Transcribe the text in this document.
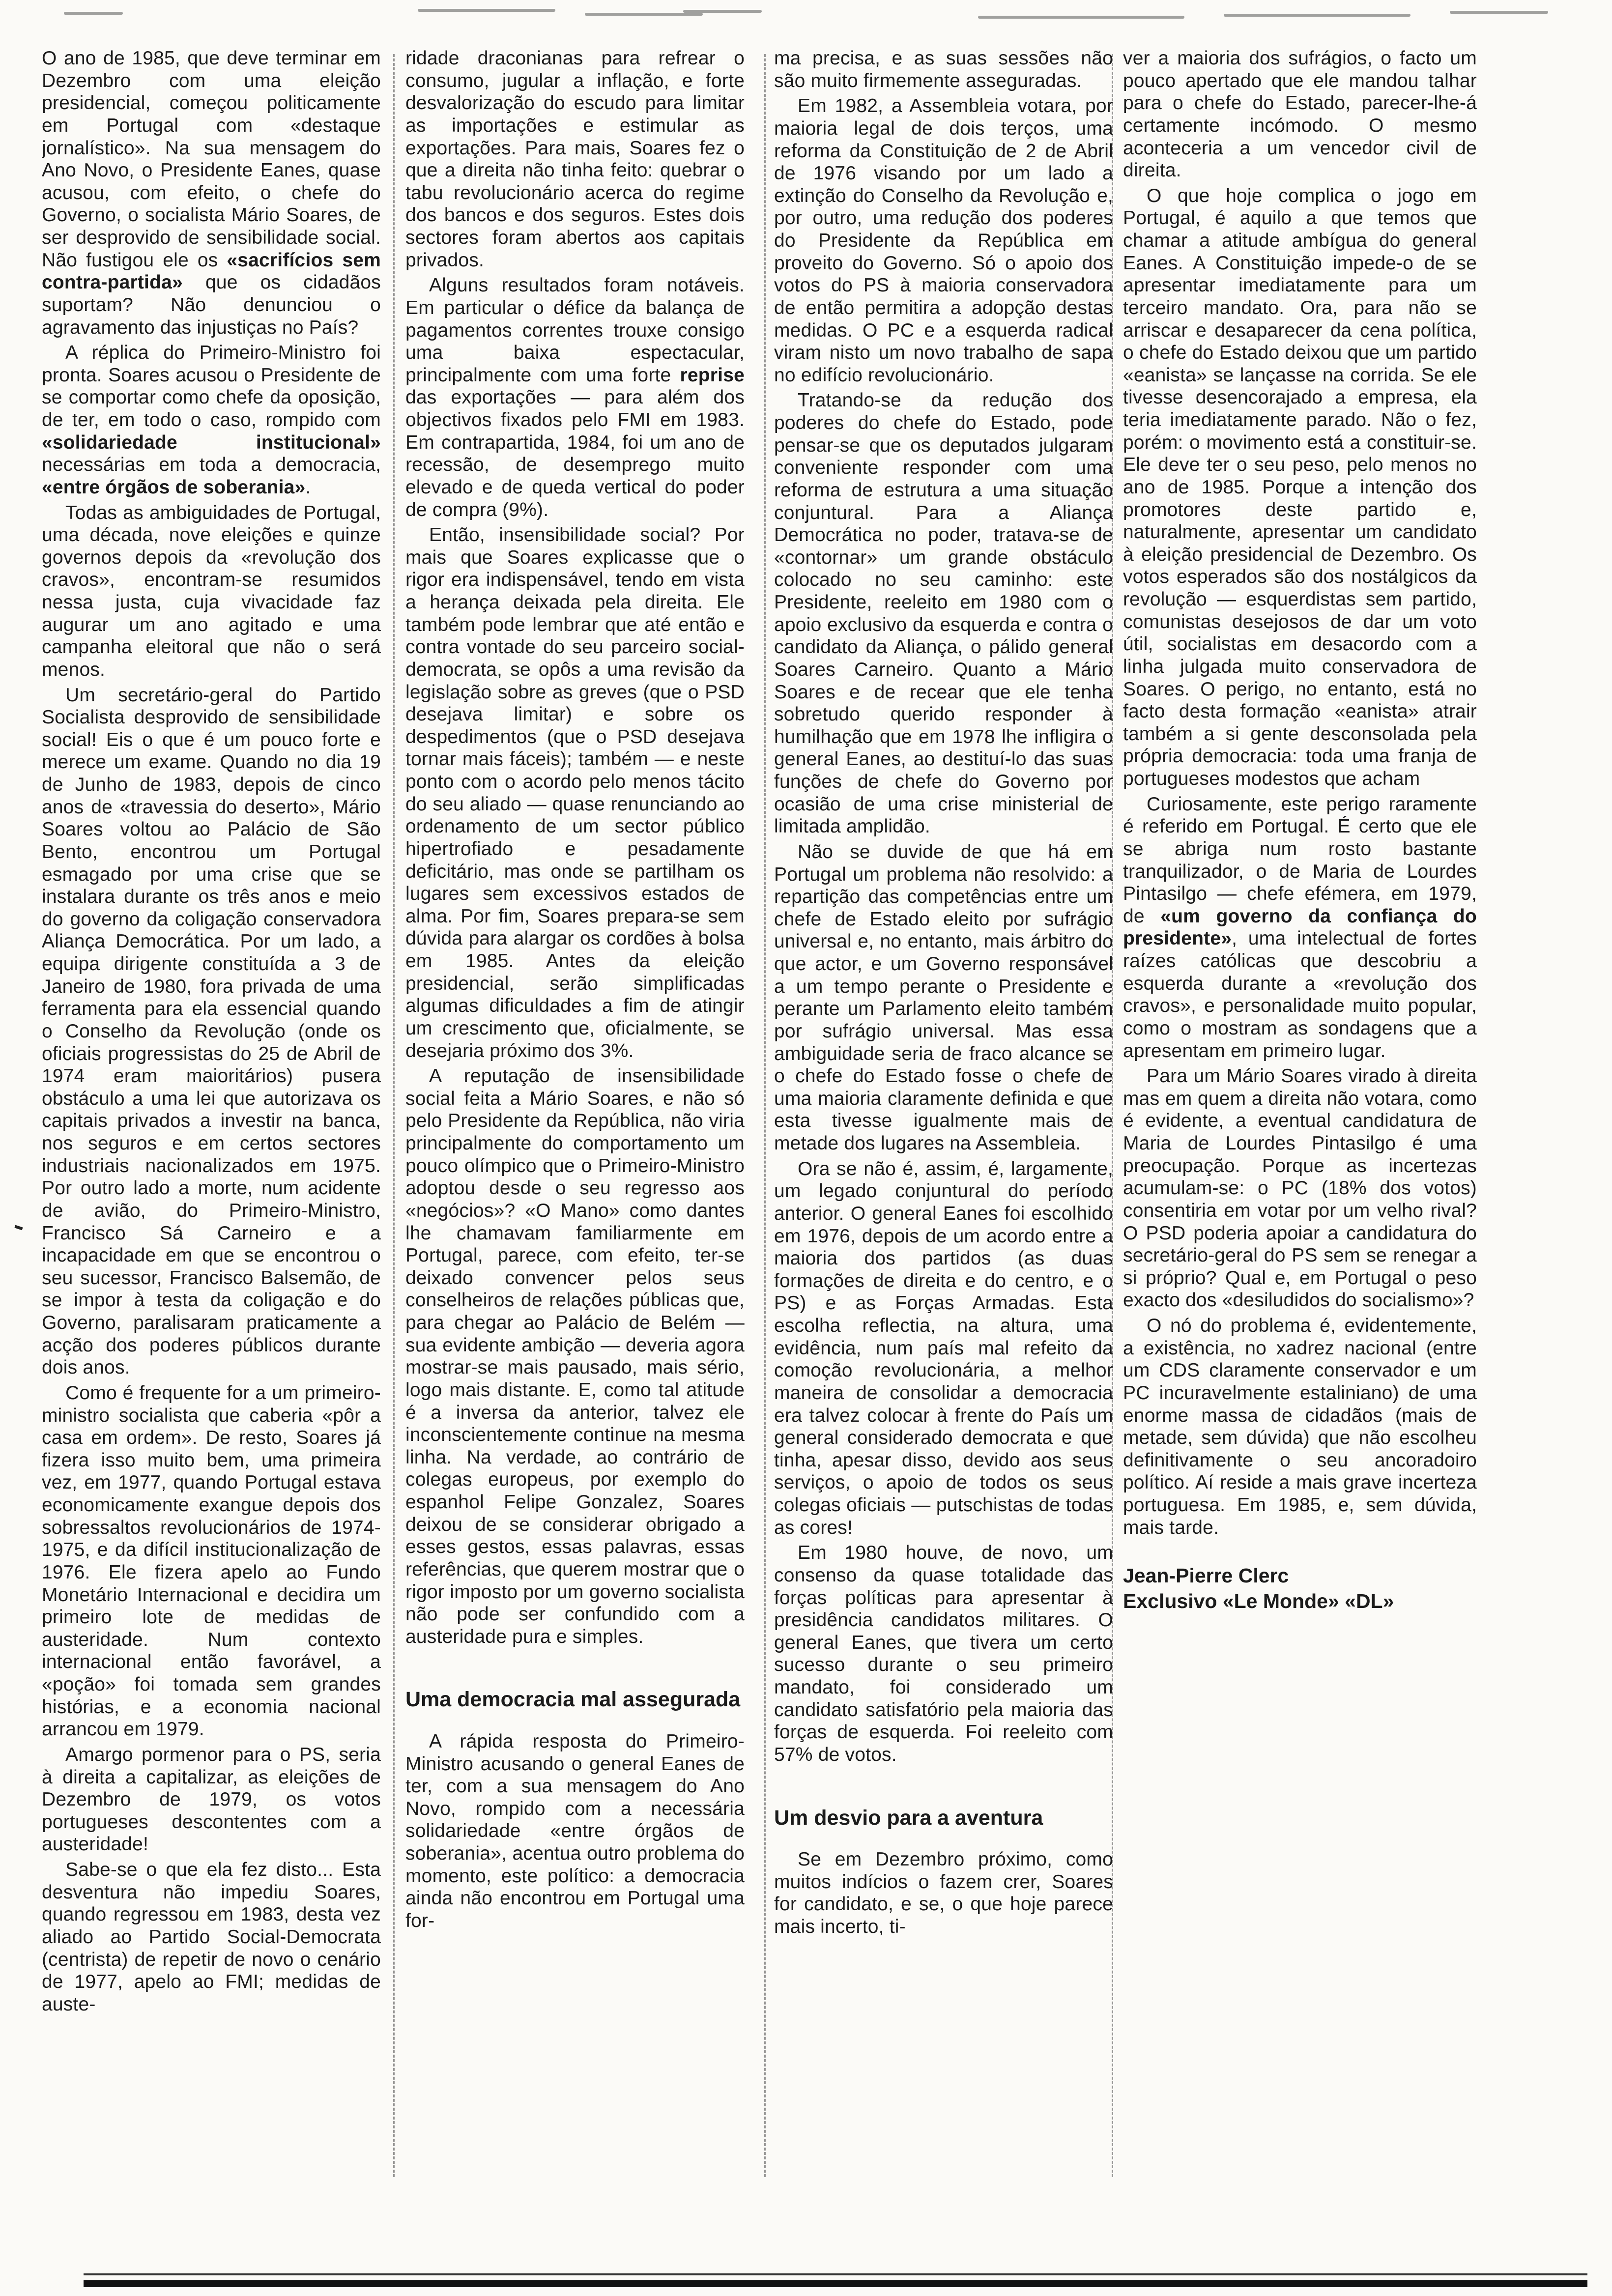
O ano de 1985, que deve terminar em Dezembro com uma eleição presidencial, começou politicamente em Portugal com «destaque jornalístico». Na sua mensagem do Ano Novo, o Presidente Eanes, quase acusou, com efeito, o chefe do Governo, o socialista Mário Soares, de ser desprovido de sensibilidade social. Não fustigou ele os «sacrifícios sem contra-partida» que os cidadãos suportam? Não denunciou o agravamento das injustiças no País?

A réplica do Primeiro-Ministro foi pronta. Soares acusou o Presidente de se comportar como chefe da oposição, de ter, em todo o caso, rompido com «solidariedade institucional» necessárias em toda a democracia, «entre órgãos de soberania».

Todas as ambiguidades de Portugal, uma década, nove eleições e quinze governos depois da «revolução dos cravos», encontram-se resumidos nessa justa, cuja vivacidade faz augurar um ano agitado e uma campanha eleitoral que não o será menos.

Um secretário-geral do Partido Socialista desprovido de sensibilidade social! Eis o que é um pouco forte e merece um exame. Quando no dia 19 de Junho de 1983, depois de cinco anos de «travessia do deserto», Mário Soares voltou ao Palácio de São Bento, encontrou um Portugal esmagado por uma crise que se instalara durante os três anos e meio do governo da coligação conservadora Aliança Democrática. Por um lado, a equipa dirigente constituída a 3 de Janeiro de 1980, fora privada de uma ferramenta para ela essencial quando o Conselho da Revolução (onde os oficiais progressistas do 25 de Abril de 1974 eram maioritários) pusera obstáculo a uma lei que autorizava os capitais privados a investir na banca, nos seguros e em certos sectores industriais nacionalizados em 1975. Por outro lado a morte, num acidente de avião, do Primeiro-Ministro, Francisco Sá Carneiro e a incapacidade em que se encontrou o seu sucessor, Francisco Balsemão, de se impor à testa da coligação e do Governo, paralisaram praticamente a acção dos poderes públicos durante dois anos.

Como é frequente for a um primeiro-ministro socialista que caberia «pôr a casa em ordem». De resto, Soares já fizera isso muito bem, uma primeira vez, em 1977, quando Portugal estava economicamente exangue depois dos sobressaltos revolucionários de 1974-1975, e da difícil institucionalização de 1976. Ele fizera apelo ao Fundo Monetário Internacional e decidira um primeiro lote de medidas de austeridade. Num contexto internacional então favorável, a «poção» foi tomada sem grandes histórias, e a economia nacional arrancou em 1979.

Amargo pormenor para o PS, seria à direita a capitalizar, as eleições de Dezembro de 1979, os votos portugueses descontentes com a austeridade!

Sabe-se o que ela fez disto... Esta desventura não impediu Soares, quando regressou em 1983, desta vez aliado ao Partido Social-Democrata (centrista) de repetir de novo o cenário de 1977, apelo ao FMI; medidas de auste-

ridade draconianas para refrear o consumo, jugular a inflação, e forte desvalorização do escudo para limitar as importações e estimular as exportações. Para mais, Soares fez o que a direita não tinha feito: quebrar o tabu revolucionário acerca do regime dos bancos e dos seguros. Estes dois sectores foram abertos aos capitais privados.

Alguns resultados foram notáveis. Em particular o défice da balança de pagamentos correntes trouxe consigo uma baixa espectacular, principalmente com uma forte reprise das exportações — para além dos objectivos fixados pelo FMI em 1983. Em contrapartida, 1984, foi um ano de recessão, de desemprego muito elevado e de queda vertical do poder de compra (9%).

Então, insensibilidade social? Por mais que Soares explicasse que o rigor era indispensável, tendo em vista a herança deixada pela direita. Ele também pode lembrar que até então e contra vontade do seu parceiro social-democrata, se opôs a uma revisão da legislação sobre as greves (que o PSD desejava limitar) e sobre os despedimentos (que o PSD desejava tornar mais fáceis); também — e neste ponto com o acordo pelo menos tácito do seu aliado — quase renunciando ao ordenamento de um sector público hipertrofiado e pesadamente deficitário, mas onde se partilham os lugares sem excessivos estados de alma. Por fim, Soares prepara-se sem dúvida para alargar os cordões à bolsa em 1985. Antes da eleição presidencial, serão simplificadas algumas dificuldades a fim de atingir um crescimento que, oficialmente, se desejaria próximo dos 3%.

A reputação de insensibilidade social feita a Mário Soares, e não só pelo Presidente da República, não viria principalmente do comportamento um pouco olímpico que o Primeiro-Ministro adoptou desde o seu regresso aos «negócios»? «O Mano» como dantes lhe chamavam familiarmente em Portugal, parece, com efeito, ter-se deixado convencer pelos seus conselheiros de relações públicas que, para chegar ao Palácio de Belém — sua evidente ambição — deveria agora mostrar-se mais pausado, mais sério, logo mais distante. E, como tal atitude é a inversa da anterior, talvez ele inconscientemente continue na mesma linha. Na verdade, ao contrário de colegas europeus, por exemplo do espanhol Felipe Gonzalez, Soares deixou de se considerar obrigado a esses gestos, essas palavras, essas referências, que querem mostrar que o rigor imposto por um governo socialista não pode ser confundido com a austeridade pura e simples.

Uma democracia mal assegurada

A rápida resposta do Primeiro-Ministro acusando o general Eanes de ter, com a sua mensagem do Ano Novo, rompido com a necessária solidariedade «entre órgãos de soberania», acentua outro problema do momento, este político: a democracia ainda não encontrou em Portugal uma for-

ma precisa, e as suas sessões não são muito firmemente asseguradas.

Em 1982, a Assembleia votara, por maioria legal de dois terços, uma reforma da Constituição de 2 de Abril de 1976 visando por um lado a extinção do Conselho da Revolução e, por outro, uma redução dos poderes do Presidente da República em proveito do Governo. Só o apoio dos votos do PS à maioria conservadora de então permitira a adopção destas medidas. O PC e a esquerda radical viram nisto um novo trabalho de sapa no edifício revolucionário.

Tratando-se da redução dos poderes do chefe do Estado, pode pensar-se que os deputados julgaram conveniente responder com uma reforma de estrutura a uma situação conjuntural. Para a Aliança Democrática no poder, tratava-se de «contornar» um grande obstáculo colocado no seu caminho: este Presidente, reeleito em 1980 com o apoio exclusivo da esquerda e contra o candidato da Aliança, o pálido general Soares Carneiro. Quanto a Mário Soares e de recear que ele tenha sobretudo querido responder à humilhação que em 1978 lhe infligira o general Eanes, ao destituí-lo das suas funções de chefe do Governo por ocasião de uma crise ministerial de limitada amplidão.

Não se duvide de que há em Portugal um problema não resolvido: a repartição das competências entre um chefe de Estado eleito por sufrágio universal e, no entanto, mais árbitro do que actor, e um Governo responsável a um tempo perante o Presidente e perante um Parlamento eleito também por sufrágio universal. Mas essa ambiguidade seria de fraco alcance se o chefe do Estado fosse o chefe de uma maioria claramente definida e que esta tivesse igualmente mais de metade dos lugares na Assembleia.

Ora se não é, assim, é, largamente, um legado conjuntural do período anterior. O general Eanes foi escolhido em 1976, depois de um acordo entre a maioria dos partidos (as duas formações de direita e do centro, e o PS) e as Forças Armadas. Esta escolha reflectia, na altura, uma evidência, num país mal refeito da comoção revolucionária, a melhor maneira de consolidar a democracia era talvez colocar à frente do País um general considerado democrata e que tinha, apesar disso, devido aos seus serviços, o apoio de todos os seus colegas oficiais — putschistas de todas as cores!

Em 1980 houve, de novo, um consenso da quase totalidade das forças políticas para apresentar à presidência candidatos militares. O general Eanes, que tivera um certo sucesso durante o seu primeiro mandato, foi considerado um candidato satisfatório pela maioria das forças de esquerda. Foi reeleito com 57% de votos.

Um desvio para a aventura

Se em Dezembro próximo, como muitos indícios o fazem crer, Soares for candidato, e se, o que hoje parece mais incerto, ti-

ver a maioria dos sufrágios, o facto um pouco apertado que ele mandou talhar para o chefe do Estado, parecer-lhe-á certamente incómodo. O mesmo aconteceria a um vencedor civil de direita.

O que hoje complica o jogo em Portugal, é aquilo a que temos que chamar a atitude ambígua do general Eanes. A Constituição impede-o de se apresentar imediatamente para um terceiro mandato. Ora, para não se arriscar e desaparecer da cena política, o chefe do Estado deixou que um partido «eanista» se lançasse na corrida. Se ele tivesse desencorajado a empresa, ela teria imediatamente parado. Não o fez, porém: o movimento está a constituir-se. Ele deve ter o seu peso, pelo menos no ano de 1985. Porque a intenção dos promotores deste partido e, naturalmente, apresentar um candidato à eleição presidencial de Dezembro. Os votos esperados são dos nostálgicos da revolução — esquerdistas sem partido, comunistas desejosos de dar um voto útil, socialistas em desacordo com a linha julgada muito conservadora de Soares. O perigo, no entanto, está no facto desta formação «eanista» atrair também a si gente desconsolada pela própria democracia: toda uma franja de portugueses modestos que acham

Curiosamente, este perigo raramente é referido em Portugal. É certo que ele se abriga num rosto bastante tranquilizador, o de Maria de Lourdes Pintasilgo — chefe efémera, em 1979, de «um governo da confiança do presidente», uma intelectual de fortes raízes católicas que descobriu a esquerda durante a «revolução dos cravos», e personalidade muito popular, como o mostram as sondagens que a apresentam em primeiro lugar.

Para um Mário Soares virado à direita mas em quem a direita não votara, como é evidente, a eventual candidatura de Maria de Lourdes Pintasilgo é uma preocupação. Porque as incertezas acumulam-se: o PC (18% dos votos) consentiria em votar por um velho rival? O PSD poderia apoiar a candidatura do secretário-geral do PS sem se renegar a si próprio? Qual e, em Portugal o peso exacto dos «desiludidos do socialismo»?

O nó do problema é, evidentemente, a existência, no xadrez nacional (entre um CDS claramente conservador e um PC incuravelmente estaliniano) de uma enorme massa de cidadãos (mais de metade, sem dúvida) que não escolheu definitivamente o seu ancoradoiro político. Aí reside a mais grave incerteza portuguesa. Em 1985, e, sem dúvida, mais tarde.

Jean-Pierre Clerc
Exclusivo «Le Monde» «DL»
